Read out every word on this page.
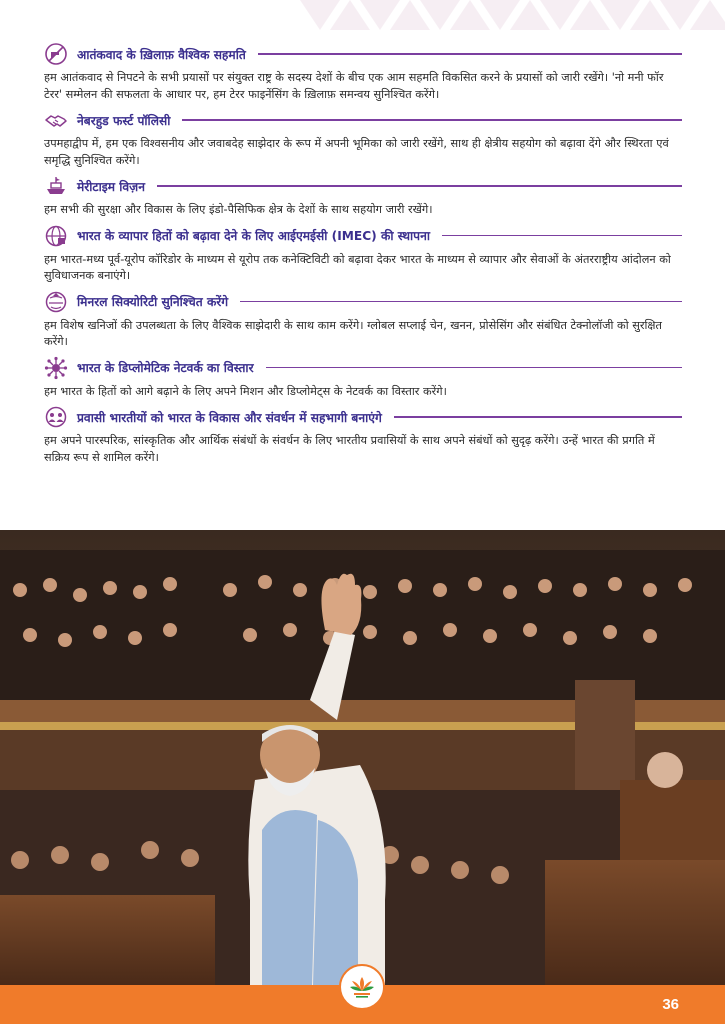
आतंकवाद के ख़िलाफ़ वैश्विक सहमति

हम आतंकवाद से निपटने के सभी प्रयासों पर संयुक्त राष्ट्र के सदस्य देशों के बीच एक आम सहमति विकसित करने के प्रयासों को जारी रखेंगे। 'नो मनी फॉर टेरर' सम्मेलन की सफलता के आधार पर, हम टेरर फाइनेंसिंग के ख़िलाफ़ समन्वय सुनिश्चित करेंगे।

नेबरहुड फर्स्ट पॉलिसी

उपमहाद्वीप में, हम एक विश्वसनीय और जवाबदेह साझेदार के रूप में अपनी भूमिका को जारी रखेंगे, साथ ही क्षेत्रीय सहयोग को बढ़ावा देंगे और स्थिरता एवं समृद्धि सुनिश्चित करेंगे।

मेरीटाइम विज़न

हम सभी की सुरक्षा और विकास के लिए इंडो-पैसिफिक क्षेत्र के देशों के साथ सहयोग जारी रखेंगे।

भारत के व्यापार हितों को बढ़ावा देने के लिए आईएमईसी (IMEC) की स्थापना

हम भारत-मध्य पूर्व-यूरोप कॉरिडोर के माध्यम से यूरोप तक कनेक्टिविटी को बढ़ावा देकर भारत के माध्यम से व्यापार और सेवाओं के अंतरराष्ट्रीय आंदोलन को सुविधाजनक बनाएंगे।

मिनरल सिक्योरिटी सुनिश्चित करेंगे

हम विशेष खनिजों की उपलब्धता के लिए वैश्विक साझेदारी के साथ काम करेंगे। ग्लोबल सप्लाई चेन, खनन, प्रोसेसिंग और संबंधित टेक्नोलॉजी को सुरक्षित करेंगे।

भारत के डिप्लोमेटिक नेटवर्क का विस्तार

हम भारत के हितों को आगे बढ़ाने के लिए अपने मिशन और डिप्लोमेट्स के नेटवर्क का विस्तार करेंगे।

प्रवासी भारतीयों को भारत के विकास और संवर्धन में सहभागी बनाएंगे

हम अपने पारस्परिक, सांस्कृतिक और आर्थिक संबंधों के संवर्धन के लिए भारतीय प्रवासियों के साथ अपने संबंधों को सुदृढ़ करेंगे। उन्हें भारत की प्रगति में सक्रिय रूप से शामिल करेंगे।

36
